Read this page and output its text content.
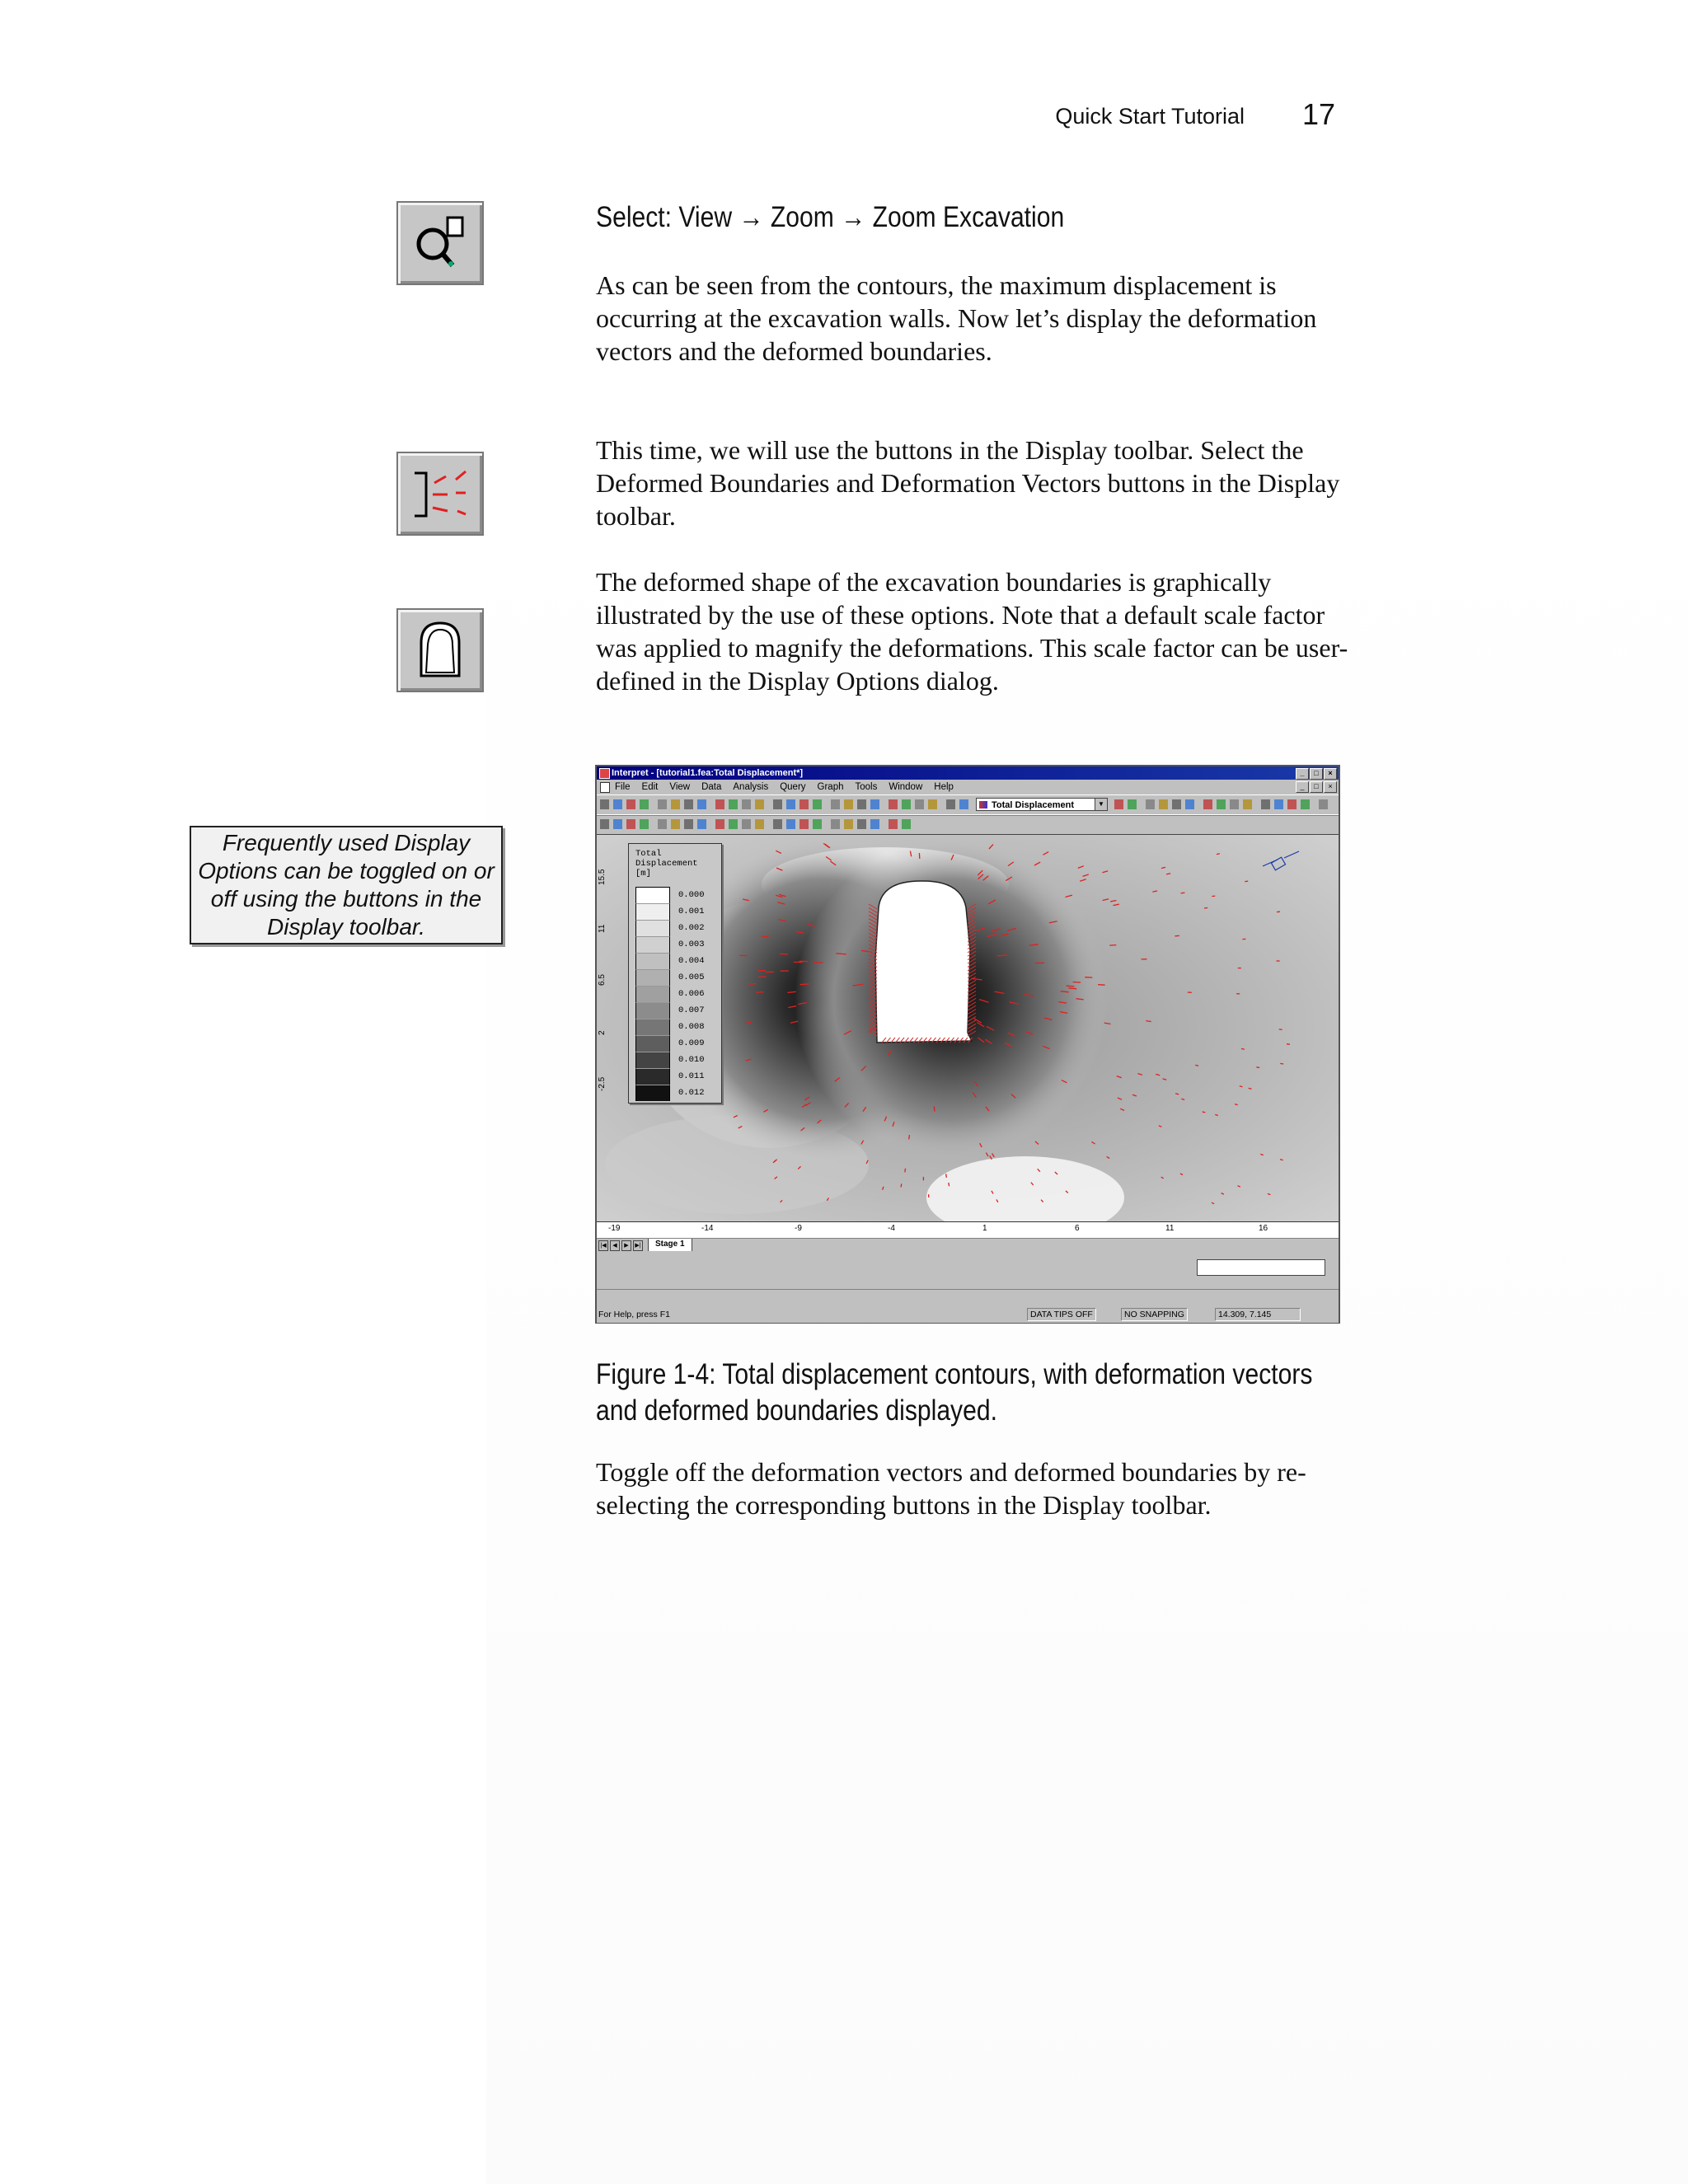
Quick Start Tutorial 17
Select: View → Zoom → Zoom Excavation

As can be seen from the contours, the maximum displacement is occurring at the excavation walls. Now let’s display the deformation vectors and the deformed boundaries.

This time, we will use the buttons in the Display toolbar. Select the Deformed Boundaries and Deformation Vectors buttons in the Display toolbar.

The deformed shape of the excavation boundaries is graphically illustrated by the use of these options. Note that a default scale factor was applied to magnify the deformations. This scale factor can be user-defined in the Display Options dialog.

Frequently used Display Options can be toggled on or off using the buttons in the Display toolbar.
Interpret - [tutorial1.fea:Total Displacement*]	_	□	×
File Edit View Data Analysis Query Graph Tools Window Help	_	□	×
Total Displacement	▼
Total
Displacement
[m]
0.000
0.001
0.002
0.003
0.004
0.005
0.006
0.007
0.008
0.009
0.010
0.011
0.012
15.5
11
6.5
2
-2.5
-19	-14	-9	-4	1	6	11	16
|◀	◀	▶	▶|	Stage 1
For Help, press F1	DATA TIPS OFF	NO SNAPPING	14.309, 7.145
Figure 1-4: Total displacement contours, with deformation vectors and deformed boundaries displayed.

Toggle off the deformation vectors and deformed boundaries by re-selecting the corresponding buttons in the Display toolbar.
